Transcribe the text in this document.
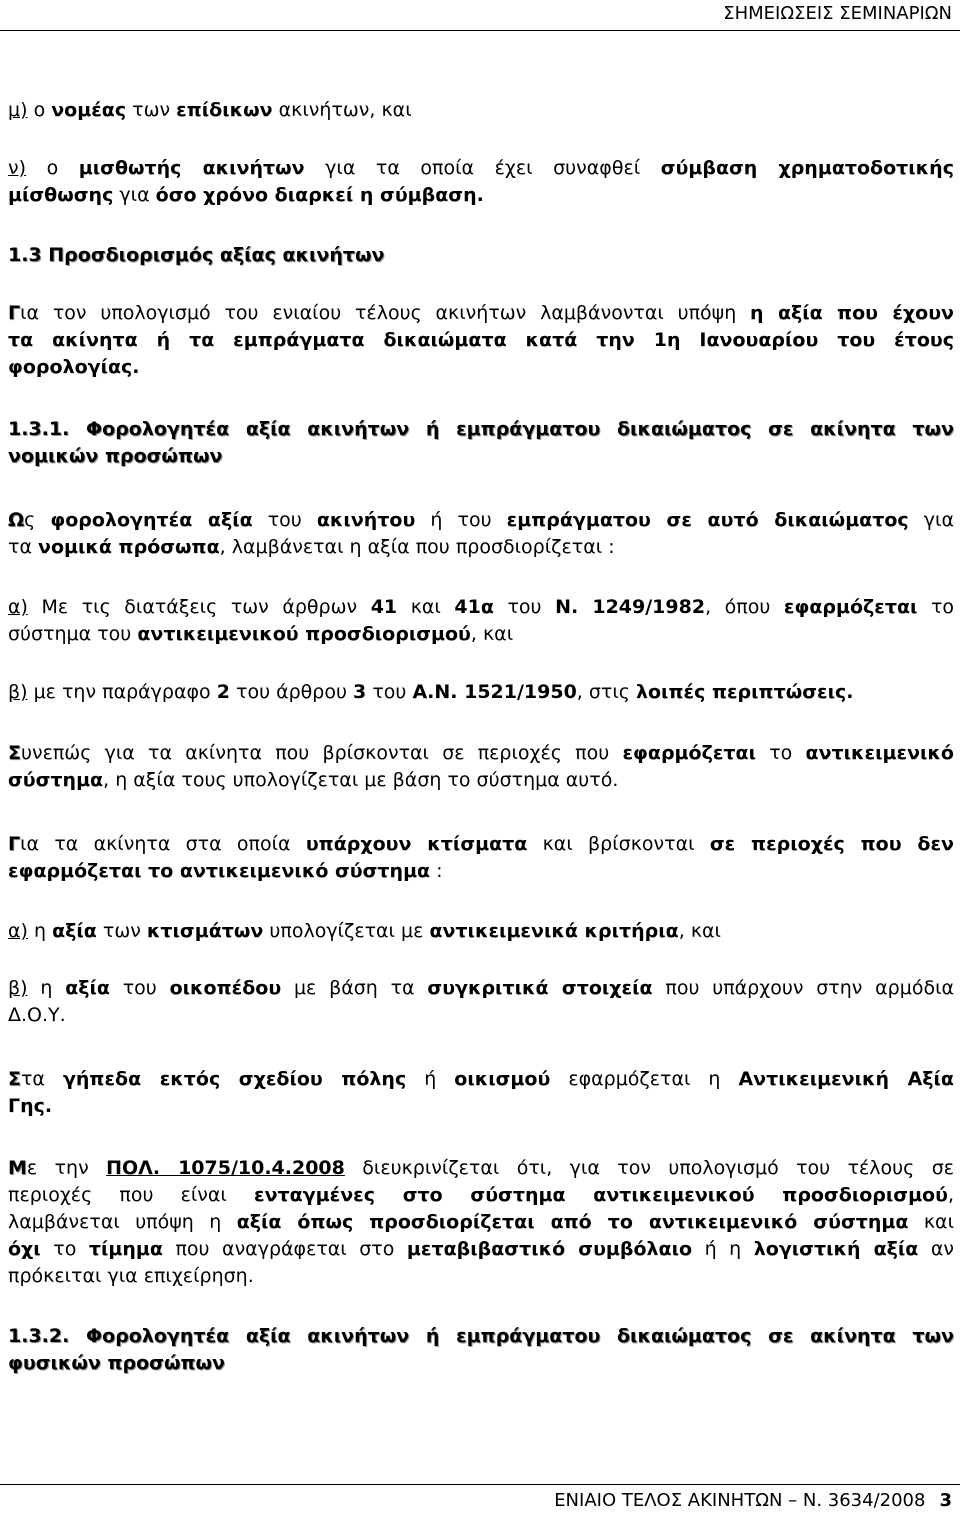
ΣΗΜΕΙΩΣΕΙΣ ΣΕΜΙΝΑΡΙΩΝ
μ) ο νομέας των επίδικων ακινήτων, και
ν) ο μισθωτής ακινήτων για τα οποία έχει συναφθεί σύμβαση χρηματοδοτικής
μίσθωσης για όσο χρόνο διαρκεί η σύμβαση.
1.3 Προσδιορισμός αξίας ακινήτων
Για τον υπολογισμό του ενιαίου τέλους ακινήτων λαμβάνονται υπόψη η αξία που έχουν
τα ακίνητα ή τα εμπράγματα δικαιώματα κατά την 1η Ιανουαρίου του έτους
φορολογίας.
1.3.1. Φορολογητέα αξία ακινήτων ή εμπράγματου δικαιώματος σε ακίνητα των
νομικών προσώπων
Ως φορολογητέα αξία του ακινήτου ή του εμπράγματου σε αυτό δικαιώματος για
τα νομικά πρόσωπα, λαμβάνεται η αξία που προσδιορίζεται :
α) Με τις διατάξεις των άρθρων 41 και 41α του Ν. 1249/1982, όπου εφαρμόζεται το
σύστημα του αντικειμενικού προσδιορισμού, και
β) με την παράγραφο 2 του άρθρου 3 του Α.Ν. 1521/1950, στις λοιπές περιπτώσεις.
Συνεπώς για τα ακίνητα που βρίσκονται σε περιοχές που εφαρμόζεται το αντικειμενικό
σύστημα, η αξία τους υπολογίζεται με βάση το σύστημα αυτό.
Για τα ακίνητα στα οποία υπάρχουν κτίσματα και βρίσκονται σε περιοχές που δεν
εφαρμόζεται το αντικειμενικό σύστημα :
α) η αξία των κτισμάτων υπολογίζεται με αντικειμενικά κριτήρια, και
β) η αξία του οικοπέδου με βάση τα συγκριτικά στοιχεία που υπάρχουν στην αρμόδια
Δ.Ο.Υ.
Στα γήπεδα εκτός σχεδίου πόλης ή οικισμού εφαρμόζεται η Αντικειμενική Αξία
Γης.
Με την ΠΟΛ. 1075/10.4.2008 διευκρινίζεται ότι, για τον υπολογισμό του τέλους σε
περιοχές που είναι ενταγμένες στο σύστημα αντικειμενικού προσδιορισμού,
λαμβάνεται υπόψη η αξία όπως προσδιορίζεται από το αντικειμενικό σύστημα και
όχι το τίμημα που αναγράφεται στο μεταβιβαστικό συμβόλαιο ή η λογιστική αξία αν
πρόκειται για επιχείρηση.
1.3.2. Φορολογητέα αξία ακινήτων ή εμπράγματου δικαιώματος σε ακίνητα των
φυσικών προσώπων
ΕΝΙΑΙΟ ΤΕΛΟΣ ΑΚΙΝΗΤΩΝ – Ν. 3634/2008 3
